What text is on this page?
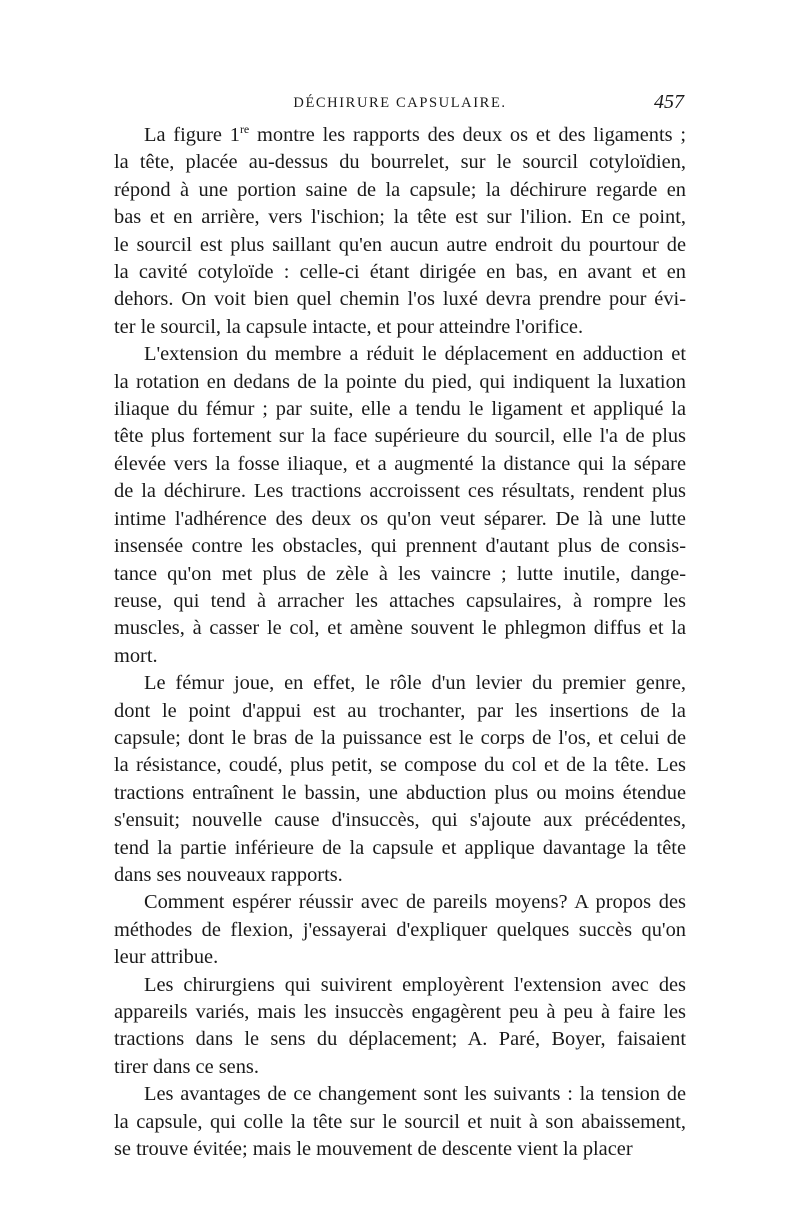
DÉCHIRURE CAPSULAIRE.	457

La figure 1re montre les rapports des deux os et des ligaments ;
la tête, placée au-dessus du bourrelet, sur le sourcil cotyloïdien,
répond à une portion saine de la capsule; la déchirure regarde en
bas et en arrière, vers l'ischion; la tête est sur l'ilion. En ce point,
le sourcil est plus saillant qu'en aucun autre endroit du pourtour de
la cavité cotyloïde : celle-ci étant dirigée en bas, en avant et en
dehors. On voit bien quel chemin l'os luxé devra prendre pour évi-
ter le sourcil, la capsule intacte, et pour atteindre l'orifice.

L'extension du membre a réduit le déplacement en adduction et
la rotation en dedans de la pointe du pied, qui indiquent la luxation
iliaque du fémur ; par suite, elle a tendu le ligament et appliqué la
tête plus fortement sur la face supérieure du sourcil, elle l'a de plus
élevée vers la fosse iliaque, et a augmenté la distance qui la sépare
de la déchirure. Les tractions accroissent ces résultats, rendent plus
intime l'adhérence des deux os qu'on veut séparer. De là une lutte
insensée contre les obstacles, qui prennent d'autant plus de consis-
tance qu'on met plus de zèle à les vaincre ; lutte inutile, dange-
reuse, qui tend à arracher les attaches capsulaires, à rompre les
muscles, à casser le col, et amène souvent le phlegmon diffus et la
mort.

Le fémur joue, en effet, le rôle d'un levier du premier genre,
dont le point d'appui est au trochanter, par les insertions de la
capsule; dont le bras de la puissance est le corps de l'os, et celui de
la résistance, coudé, plus petit, se compose du col et de la tête. Les
tractions entraînent le bassin, une abduction plus ou moins étendue
s'ensuit; nouvelle cause d'insuccès, qui s'ajoute aux précédentes,
tend la partie inférieure de la capsule et applique davantage la tête
dans ses nouveaux rapports.

Comment espérer réussir avec de pareils moyens? A propos des
méthodes de flexion, j'essayerai d'expliquer quelques succès qu'on
leur attribue.

Les chirurgiens qui suivirent employèrent l'extension avec des
appareils variés, mais les insuccès engagèrent peu à peu à faire les
tractions dans le sens du déplacement; A. Paré, Boyer, faisaient
tirer dans ce sens.

Les avantages de ce changement sont les suivants : la tension de
la capsule, qui colle la tête sur le sourcil et nuit à son abaissement,
se trouve évitée; mais le mouvement de descente vient la placer
